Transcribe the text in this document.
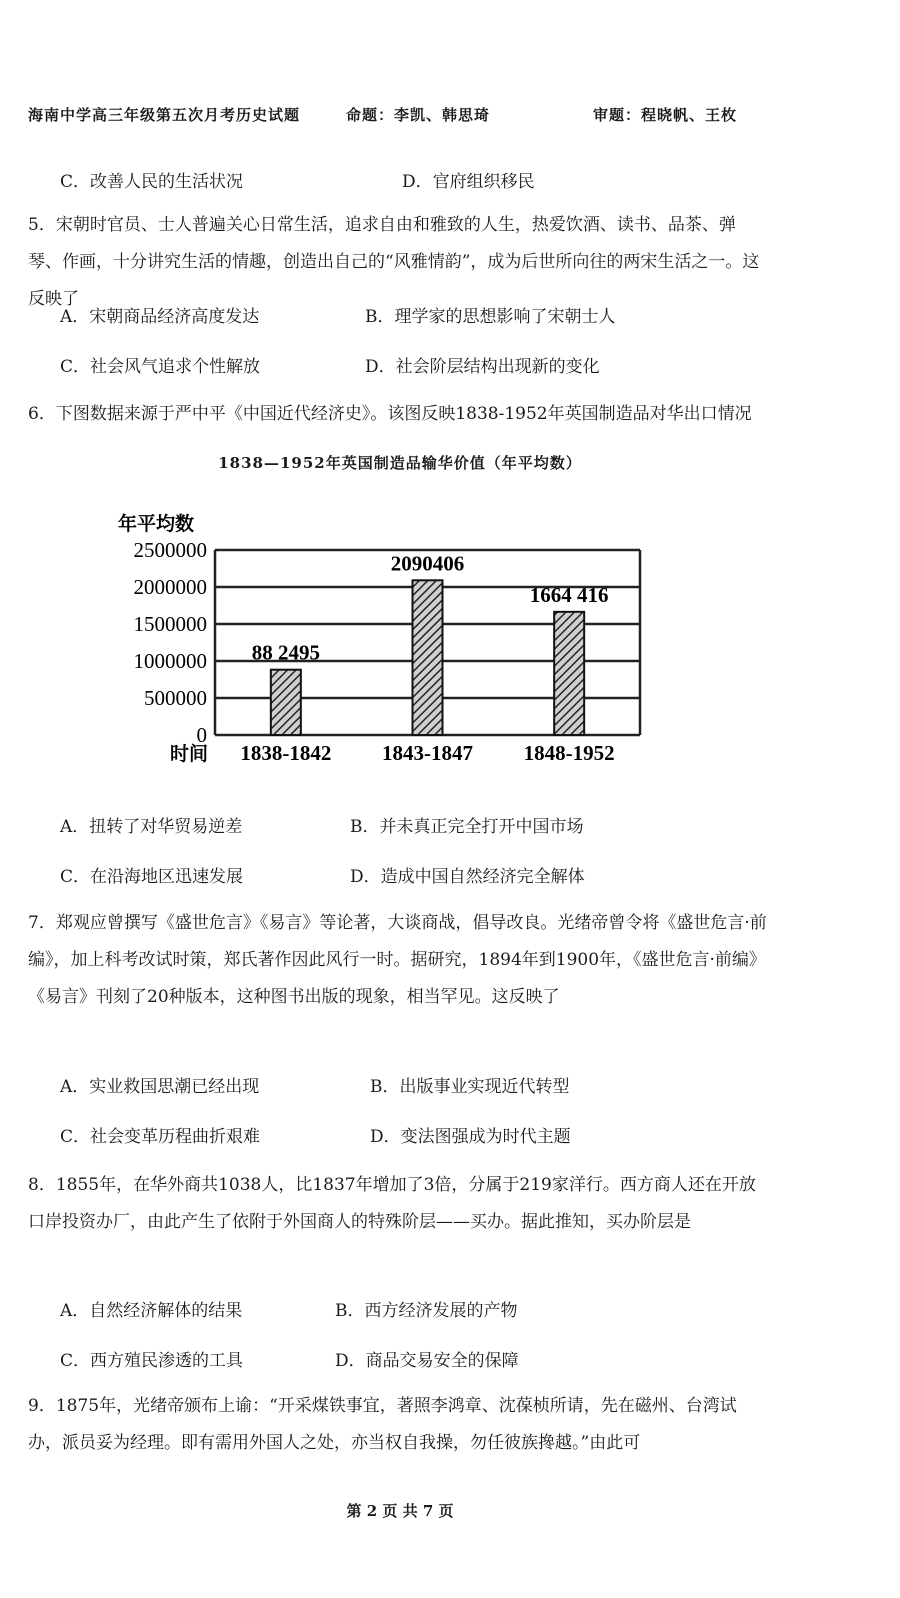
海南中学高三年级第五次月考历史试题	命题：李凯、韩思琦	审题：程晓帆、王枚
C．改善人民的生活状况	D．官府组织移民
5．宋朝时官员、士人普遍关心日常生活，追求自由和雅致的人生，热爱饮酒、读书、品茶、弹琴、作画，十分讲究生活的情趣，创造出自己的“风雅情韵”，成为后世所向往的两宋生活之一。这反映了
A．宋朝商品经济高度发达	B．理学家的思想影响了宋朝士人
C．社会风气追求个性解放	D．社会阶层结构出现新的变化
6．下图数据来源于严中平《中国近代经济史》。该图反映1838-1952年英国制造品对华出口情况
1838—1952年英国制造品输华价值（年平均数）
0
500000
1000000
1500000
2000000
2500000
88 2495
2090406
1664 416
1838-1842 1843-1847 1848-1952
年平均数
时间
A．扭转了对华贸易逆差	B．并未真正完全打开中国市场
C．在沿海地区迅速发展	D．造成中国自然经济完全解体
7．郑观应曾撰写《盛世危言》《易言》等论著，大谈商战，倡导改良。光绪帝曾令将《盛世危言·前编》，加上科考改试时策，郑氏著作因此风行一时。据研究，1894年到1900年，《盛世危言·前编》《易言》刊刻了20种版本，这种图书出版的现象，相当罕见。这反映了
A．实业救国思潮已经出现	B．出版事业实现近代转型
C．社会变革历程曲折艰难	D．变法图强成为时代主题
8．1855年，在华外商共1038人，比1837年增加了3倍，分属于219家洋行。西方商人还在开放口岸投资办厂，由此产生了依附于外国商人的特殊阶层——买办。据此推知，买办阶层是
A．自然经济解体的结果	B．西方经济发展的产物
C．西方殖民渗透的工具	D．商品交易安全的保障
9．1875年，光绪帝颁布上谕：“开采煤铁事宜，著照李鸿章、沈葆桢所请，先在磁州、台湾试办，派员妥为经理。即有需用外国人之处，亦当权自我操，勿任彼族搀越。”由此可
第 2 页 共 7 页
